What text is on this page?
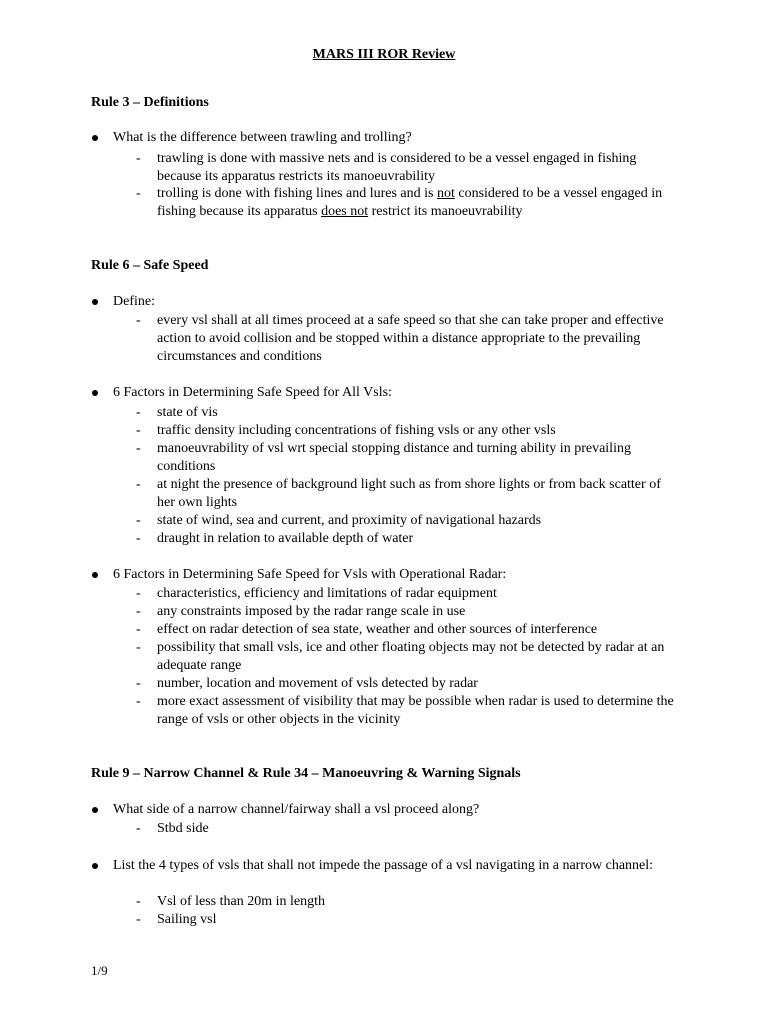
MARS III ROR Review
Rule 3 – Definitions
What is the difference between trawling and trolling?
- trawling is done with massive nets and is considered to be a vessel engaged in fishing because its apparatus restricts its manoeuvrability
- trolling is done with fishing lines and lures and is not considered to be a vessel engaged in fishing because its apparatus does not restrict its manoeuvrability
Rule 6 – Safe Speed
Define:
- every vsl shall at all times proceed at a safe speed so that she can take proper and effective action to avoid collision and be stopped within a distance appropriate to the prevailing circumstances and conditions
6 Factors in Determining Safe Speed for All Vsls:
- state of vis
- traffic density including concentrations of fishing vsls or any other vsls
- manoeuvrability of vsl wrt special stopping distance and turning ability in prevailing conditions
- at night the presence of background light such as from shore lights or from back scatter of her own lights
- state of wind, sea and current, and proximity of navigational hazards
- draught in relation to available depth of water
6 Factors in Determining Safe Speed for Vsls with Operational Radar:
- characteristics, efficiency and limitations of radar equipment
- any constraints imposed by the radar range scale in use
- effect on radar detection of sea state, weather and other sources of interference
- possibility that small vsls, ice and other floating objects may not be detected by radar at an adequate range
- number, location and movement of vsls detected by radar
- more exact assessment of visibility that may be possible when radar is used to determine the range of vsls or other objects in the vicinity
Rule 9 – Narrow Channel & Rule 34 – Manoeuvring & Warning Signals
What side of a narrow channel/fairway shall a vsl proceed along?
- Stbd side
List the 4 types of vsls that shall not impede the passage of a vsl navigating in a narrow channel:
- Vsl of less than 20m in length
- Sailing vsl
1/9
